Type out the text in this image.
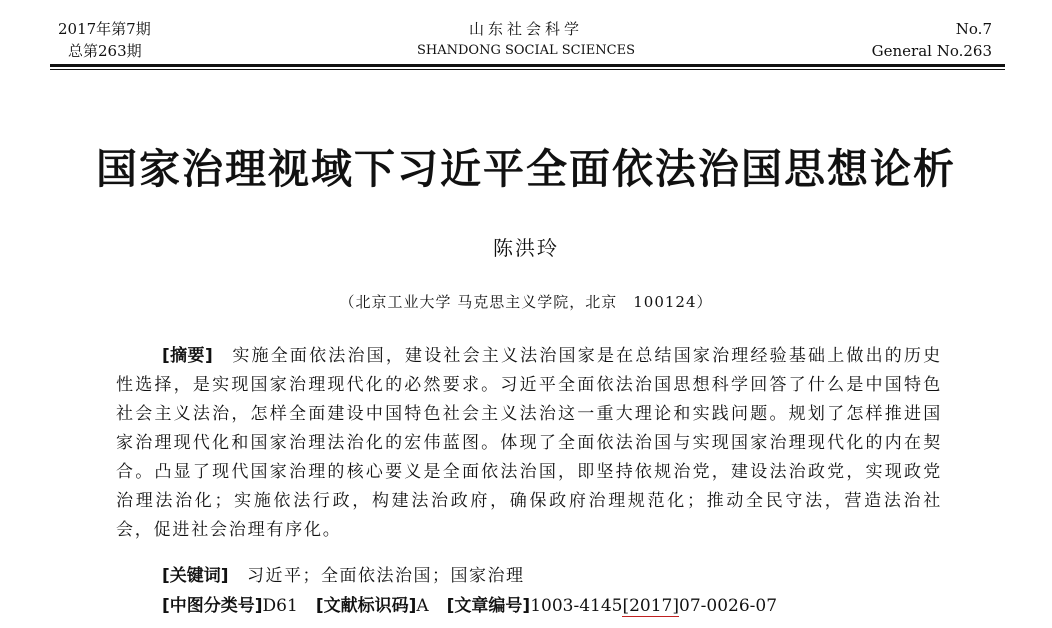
2017年第7期
总第263期
山东社会科学
SHANDONG SOCIAL SCIENCES
No.7
General No.263
国家治理视域下习近平全面依法治国思想论析
陈洪玲
（北京工业大学 马克思主义学院，北京　100124）
[摘要]　 实施全面依法治国，建设社会主义法治国家是在总结国家治理经验基础上做出的历史性选择，是实现国家治理现代化的必然要求。习近平全面依法治国思想科学回答了什么是中国特色社会主义法治，怎样全面建设中国特色社会主义法治这一重大理论和实践问题。规划了怎样推进国家治理现代化和国家治理法治化的宏伟蓝图。体现了全面依法治国与实现国家治理现代化的内在契合。凸显了现代国家治理的核心要义是全面依法治国，即坚持依规治党，建设法治政党，实现政党治理法治化；实施依法行政，构建法治政府，确保政府治理规范化；推动全民守法，营造法治社会，促进社会治理有序化。
[关键词]　 习近平；全面依法治国；国家治理
[中图分类号]D61 [文献标识码]A [文章编号]1003-4145[2017]07-0026-07
